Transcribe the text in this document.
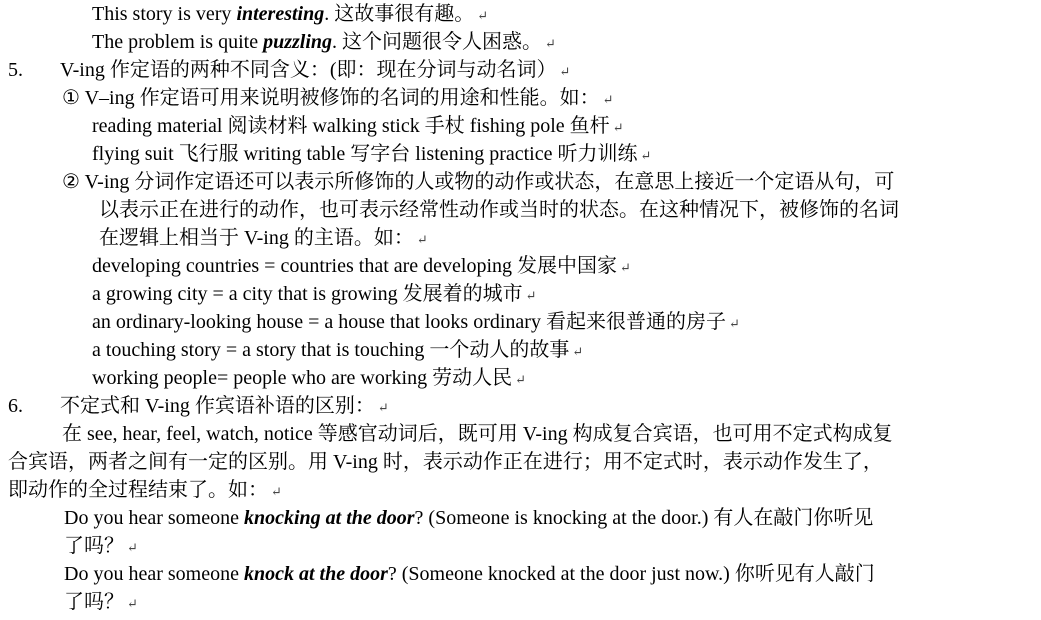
This story is very interesting. 这故事很有趣。 ↵
The problem is quite puzzling. 这个问题很令人困惑。 ↵
5. V-ing 作定语的两种不同含义：(即：现在分词与动名词） ↵
① V–ing 作定语可用来说明被修饰的名词的用途和性能。如： ↵
reading material 阅读材料 walking stick 手杖 fishing pole 鱼杆 ↵
flying suit 飞行服 writing table 写字台 listening practice 听力训练 ↵
② V-ing 分词作定语还可以表示所修饰的人或物的动作或状态，在意思上接近一个定语从句，可
以表示正在进行的动作，也可表示经常性动作或当时的状态。在这种情况下，被修饰的名词
在逻辑上相当于 V-ing 的主语。如： ↵
developing countries = countries that are developing 发展中国家 ↵
a growing city = a city that is growing 发展着的城市 ↵
an ordinary-looking house = a house that looks ordinary 看起来很普通的房子 ↵
a touching story = a story that is touching 一个动人的故事 ↵
working people= people who are working 劳动人民 ↵
6. 不定式和 V-ing 作宾语补语的区别： ↵
在 see, hear, feel, watch, notice 等感官动词后，既可用 V-ing 构成复合宾语，也可用不定式构成复
合宾语，两者之间有一定的区别。用 V-ing 时，表示动作正在进行；用不定式时，表示动作发生了，
即动作的全过程结束了。如： ↵
Do you hear someone knocking at the door? (Someone is knocking at the door.) 有人在敲门你听见
了吗？ ↵
Do you hear someone knock at the door? (Someone knocked at the door just now.) 你听见有人敲门
了吗？ ↵
